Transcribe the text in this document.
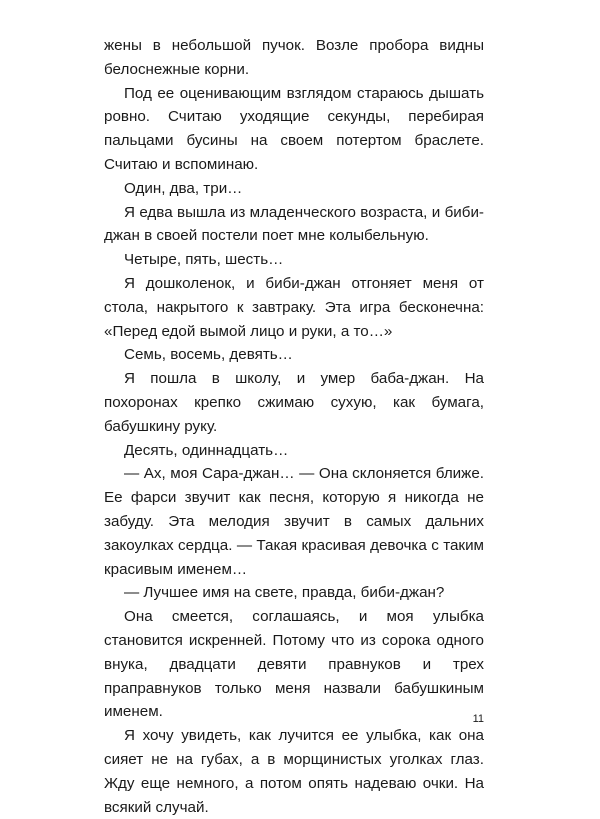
жены в небольшой пучок. Возле пробора видны белоснежные корни.

Под ее оценивающим взглядом стараюсь дышать ровно. Считаю уходящие секунды, перебирая пальцами бусины на своем потертом браслете. Считаю и вспоминаю.

Один, два, три…

Я едва вышла из младенческого возраста, и биби-джан в своей постели поет мне колыбельную.

Четыре, пять, шесть…

Я дошколенок, и биби-джан отгоняет меня от стола, накрытого к завтраку. Эта игра бесконечна: «Перед едой вымой лицо и руки, а то…»

Семь, восемь, девять…

Я пошла в школу, и умер баба-джан. На похоронах крепко сжимаю сухую, как бумага, бабушкину руку.

Десять, одиннадцать…

— Ах, моя Сара-джан… — Она склоняется ближе. Ее фарси звучит как песня, которую я никогда не забуду. Эта мелодия звучит в самых дальних закоулках сердца. — Такая красивая девочка с таким красивым именем…

— Лучшее имя на свете, правда, биби-джан?

Она смеется, соглашаясь, и моя улыбка становится искренней. Потому что из сорока одного внука, двадцати девяти правнуков и трех праправнуков только меня назвали бабушкиным именем.

Я хочу увидеть, как лучится ее улыбка, как она сияет не на губах, а в морщинистых уголках глаз. Жду еще немного, а потом опять надеваю очки. На всякий случай.

11
